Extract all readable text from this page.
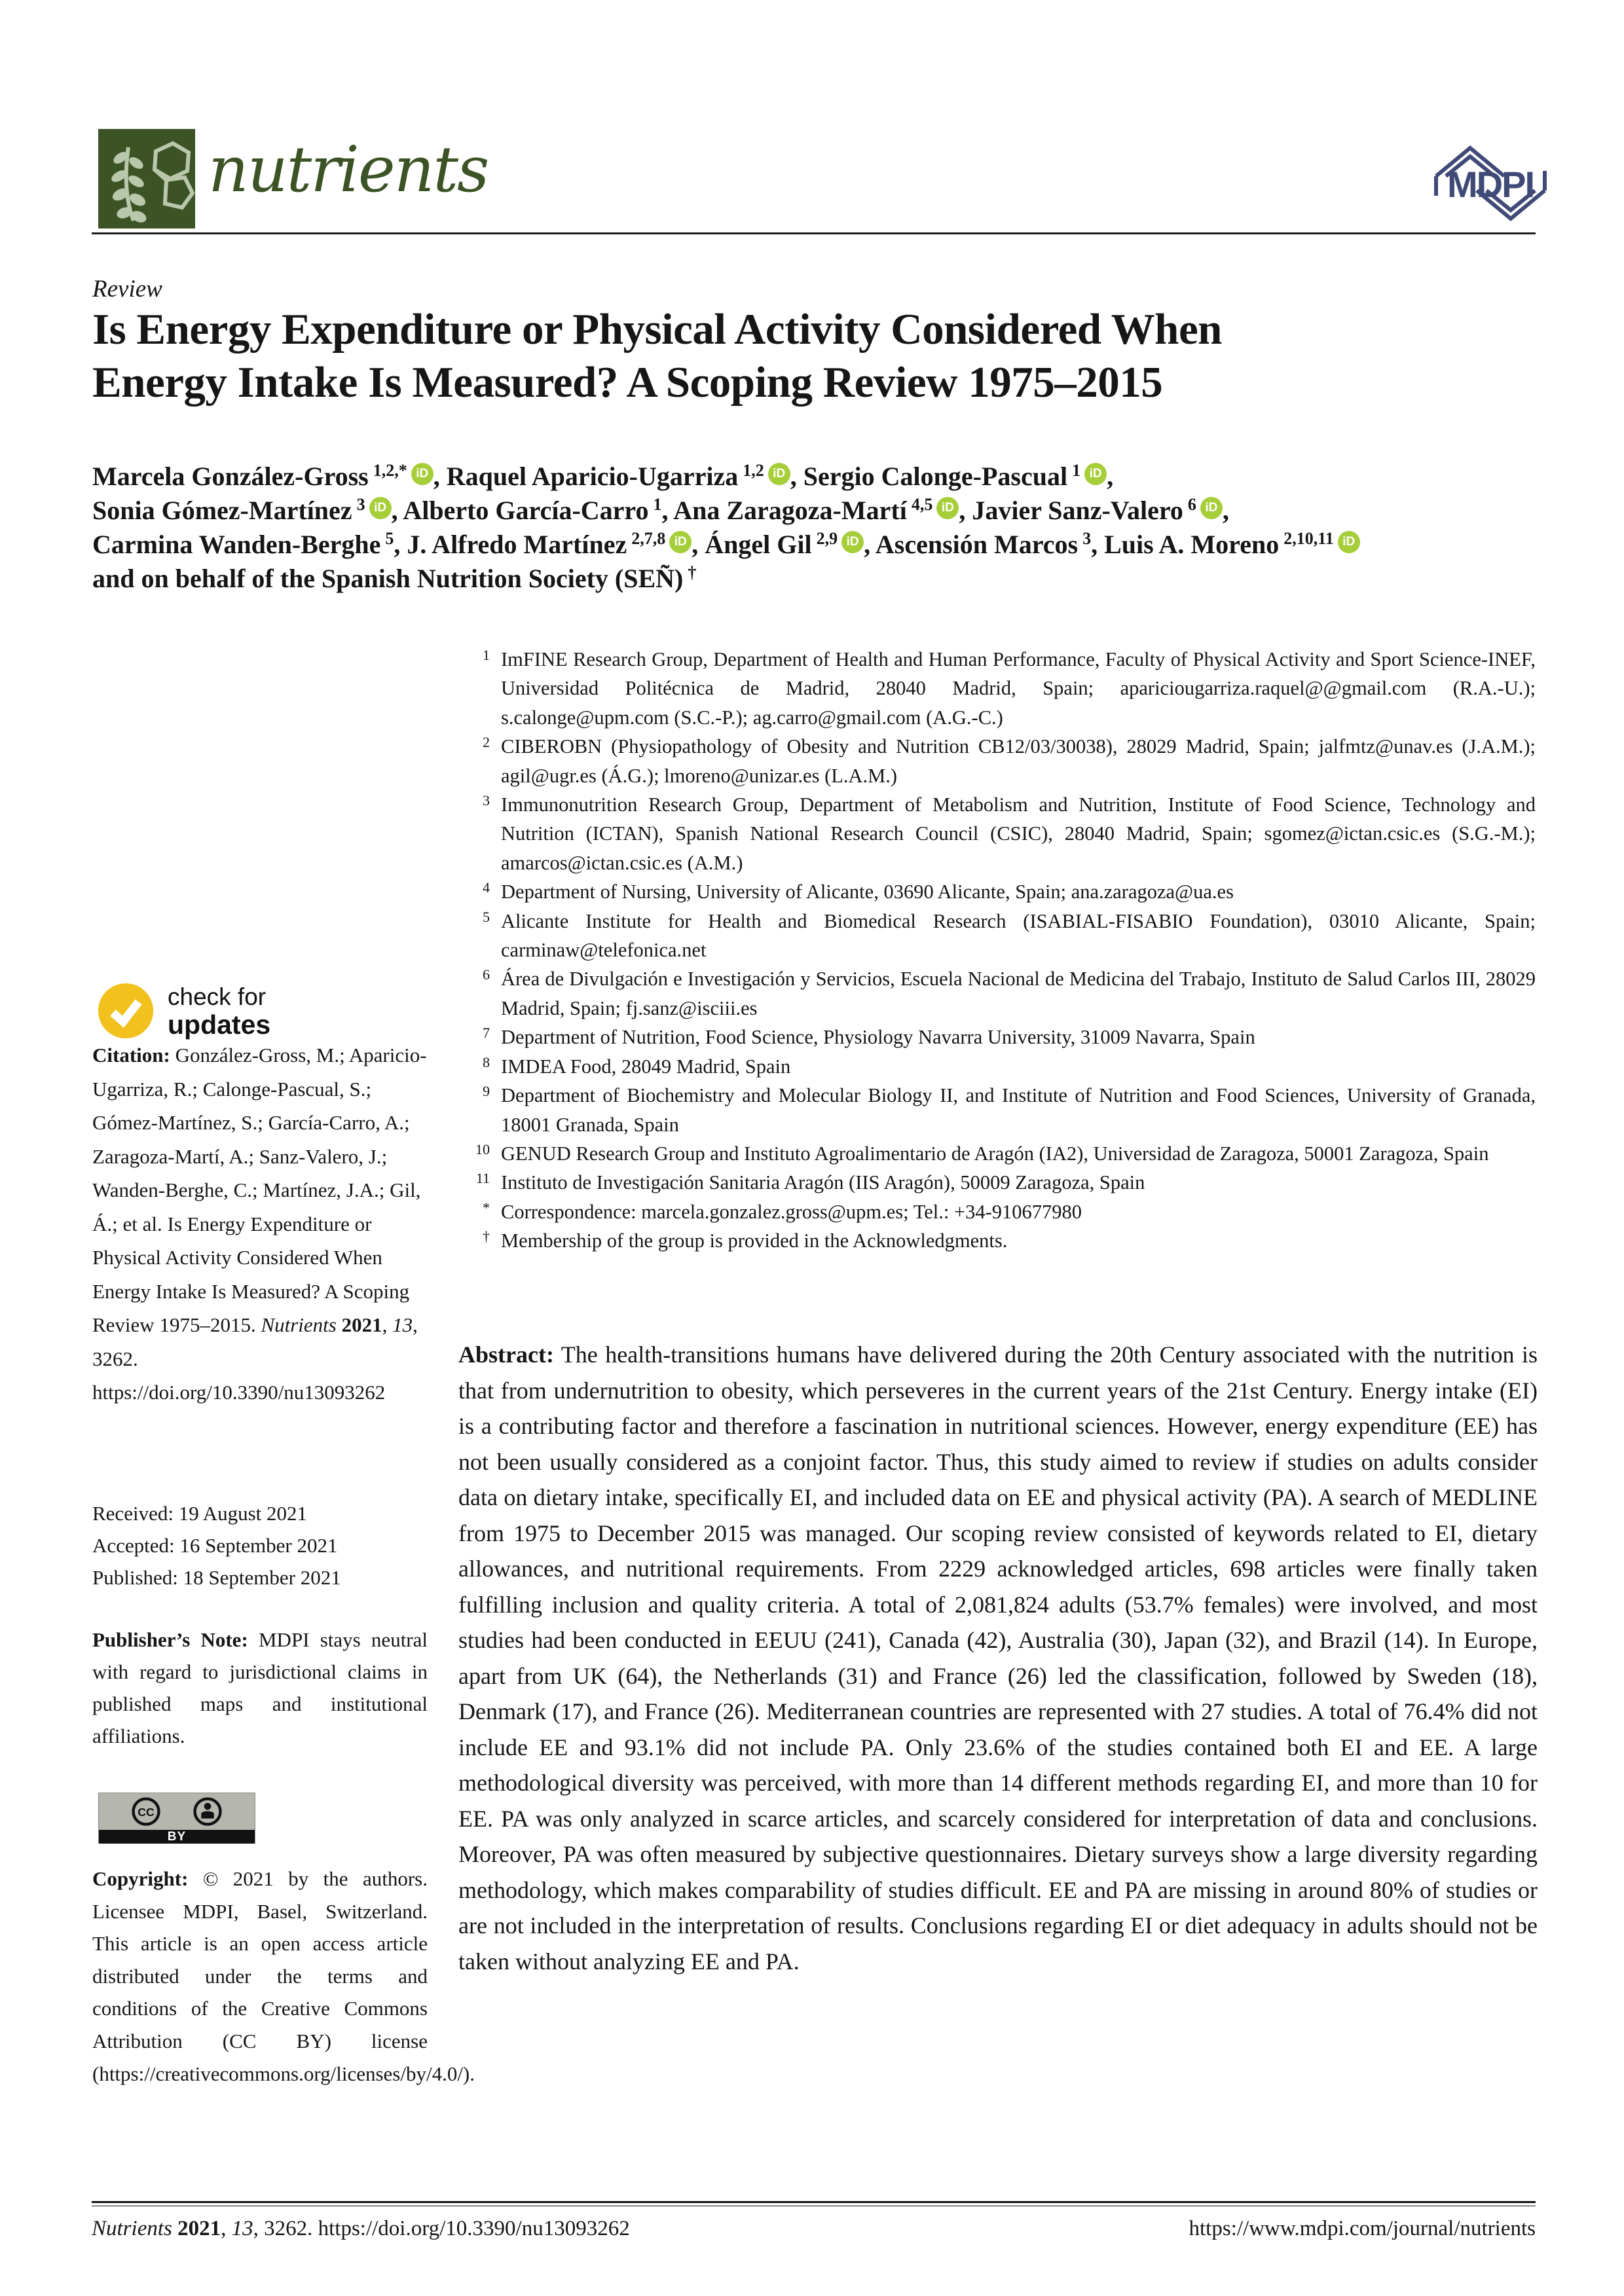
nutrients	MDPI
Review
Is Energy Expenditure or Physical Activity Considered When
Energy Intake Is Measured? A Scoping Review 1975–2015
Marcela González-Gross $^{1,2,*}$ iD , Raquel Aparicio-Ugarriza $^{1,2}$ iD , Sergio Calonge-Pascual $^1$ iD ,
Sonia Gómez-Martínez $^3$ iD , Alberto García-Carro $^1$, Ana Zaragoza-Martí $^{4,5}$ iD , Javier Sanz-Valero $^6$ iD ,
Carmina Wanden-Berghe $^5$, J. Alfredo Martínez $^{2,7,8}$ iD , Ángel Gil $^{2,9}$ iD , Ascensión Marcos $^3$, Luis A. Moreno $^{2,10,11}$ iD
and on behalf of the Spanish Nutrition Society (SEÑ) †
1 ImFINE Research Group, Department of Health and Human Performance, Faculty of Physical Activity and Sport Science-INEF, Universidad Politécnica de Madrid, 28040 Madrid, Spain; apariciougarriza.raquel@@gmail.com (R.A.-U.); s.calonge@upm.com (S.C.-P.); ag.carro@gmail.com (A.G.-C.)
2 CIBEROBN (Physiopathology of Obesity and Nutrition CB12/03/30038), 28029 Madrid, Spain; jalfmtz@unav.es (J.A.M.); agil@ugr.es (Á.G.); lmoreno@unizar.es (L.A.M.)
3 Immunonutrition Research Group, Department of Metabolism and Nutrition, Institute of Food Science, Technology and Nutrition (ICTAN), Spanish National Research Council (CSIC), 28040 Madrid, Spain; sgomez@ictan.csic.es (S.G.-M.); amarcos@ictan.csic.es (A.M.)
4 Department of Nursing, University of Alicante, 03690 Alicante, Spain; ana.zaragoza@ua.es
5 Alicante Institute for Health and Biomedical Research (ISABIAL-FISABIO Foundation), 03010 Alicante, Spain; carminaw@telefonica.net
6 Área de Divulgación e Investigación y Servicios, Escuela Nacional de Medicina del Trabajo, Instituto de Salud Carlos III, 28029 Madrid, Spain; fj.sanz@isciii.es
7 Department of Nutrition, Food Science, Physiology Navarra University, 31009 Navarra, Spain
8 IMDEA Food, 28049 Madrid, Spain
9 Department of Biochemistry and Molecular Biology II, and Institute of Nutrition and Food Sciences, University of Granada, 18001 Granada, Spain
10 GENUD Research Group and Instituto Agroalimentario de Aragón (IA2), Universidad de Zaragoza, 50001 Zaragoza, Spain
11 Instituto de Investigación Sanitaria Aragón (IIS Aragón), 50009 Zaragoza, Spain
* Correspondence: marcela.gonzalez.gross@upm.es; Tel.: +34-910677980
† Membership of the group is provided in the Acknowledgments.
Abstract: The health-transitions humans have delivered during the 20th Century associated with the nutrition is that from undernutrition to obesity, which perseveres in the current years of the 21st Century. Energy intake (EI) is a contributing factor and therefore a fascination in nutritional sciences. However, energy expenditure (EE) has not been usually considered as a conjoint factor. Thus, this study aimed to review if studies on adults consider data on dietary intake, specifically EI, and included data on EE and physical activity (PA). A search of MEDLINE from 1975 to December 2015 was managed. Our scoping review consisted of keywords related to EI, dietary allowances, and nutritional requirements. From 2229 acknowledged articles, 698 articles were finally taken fulfilling inclusion and quality criteria. A total of 2,081,824 adults (53.7% females) were involved, and most studies had been conducted in EEUU (241), Canada (42), Australia (30), Japan (32), and Brazil (14). In Europe, apart from UK (64), the Netherlands (31) and France (26) led the classification, followed by Sweden (18), Denmark (17), and France (26). Mediterranean countries are represented with 27 studies. A total of 76.4% did not include EE and 93.1% did not include PA. Only 23.6% of the studies contained both EI and EE. A large methodological diversity was perceived, with more than 14 different methods regarding EI, and more than 10 for EE. PA was only analyzed in scarce articles, and scarcely considered for interpretation of data and conclusions. Moreover, PA was often measured by subjective questionnaires. Dietary surveys show a large diversity regarding methodology, which makes comparability of studies difficult. EE and PA are missing in around 80% of studies or are not included in the interpretation of results. Conclusions regarding EI or diet adequacy in adults should not be taken without analyzing EE and PA.
check for
updates
Citation: González-Gross, M.; Aparicio-Ugarriza, R.; Calonge-Pascual, S.; Gómez-Martínez, S.; García-Carro, A.; Zaragoza-Martí, A.; Sanz-Valero, J.; Wanden-Berghe, C.; Martínez, J.A.; Gil, Á.; et al. Is Energy Expenditure or Physical Activity Considered When Energy Intake Is Measured? A Scoping Review 1975–2015. Nutrients 2021, 13, 3262. https://doi.org/10.3390/nu13093262
Received: 19 August 2021
Accepted: 16 September 2021
Published: 18 September 2021
Publisher’s Note: MDPI stays neutral with regard to jurisdictional claims in published maps and institutional affiliations.
CC
BY
Copyright: © 2021 by the authors. Licensee MDPI, Basel, Switzerland. This article is an open access article distributed under the terms and conditions of the Creative Commons Attribution (CC BY) license (https://creativecommons.org/licenses/by/4.0/).
Nutrients 2021, 13, 3262. https://doi.org/10.3390/nu13093262	https://www.mdpi.com/journal/nutrients
